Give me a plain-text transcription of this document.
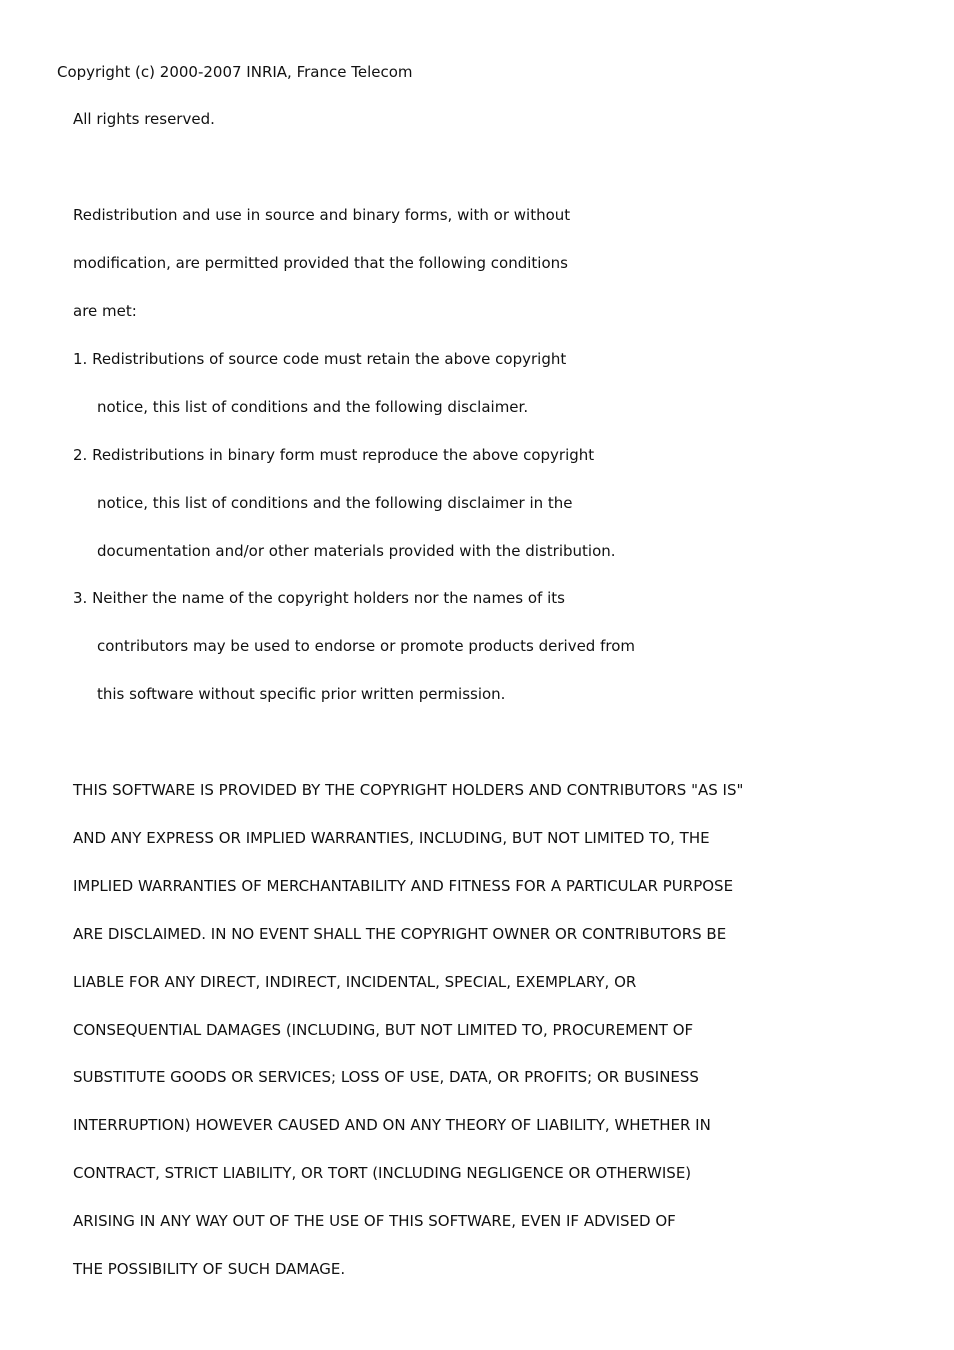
Copyright (c) 2000-2007 INRIA, France Telecom

All rights reserved.

Redistribution and use in source and binary forms, with or without

modification, are permitted provided that the following conditions

are met:

1. Redistributions of source code must retain the above copyright

notice, this list of conditions and the following disclaimer.

2. Redistributions in binary form must reproduce the above copyright

notice, this list of conditions and the following disclaimer in the

documentation and/or other materials provided with the distribution.

3. Neither the name of the copyright holders nor the names of its

contributors may be used to endorse or promote products derived from

this software without specific prior written permission.

THIS SOFTWARE IS PROVIDED BY THE COPYRIGHT HOLDERS AND CONTRIBUTORS "AS IS"

AND ANY EXPRESS OR IMPLIED WARRANTIES, INCLUDING, BUT NOT LIMITED TO, THE

IMPLIED WARRANTIES OF MERCHANTABILITY AND FITNESS FOR A PARTICULAR PURPOSE

ARE DISCLAIMED. IN NO EVENT SHALL THE COPYRIGHT OWNER OR CONTRIBUTORS BE

LIABLE FOR ANY DIRECT, INDIRECT, INCIDENTAL, SPECIAL, EXEMPLARY, OR

CONSEQUENTIAL DAMAGES (INCLUDING, BUT NOT LIMITED TO, PROCUREMENT OF

SUBSTITUTE GOODS OR SERVICES; LOSS OF USE, DATA, OR PROFITS; OR BUSINESS

INTERRUPTION) HOWEVER CAUSED AND ON ANY THEORY OF LIABILITY, WHETHER IN

CONTRACT, STRICT LIABILITY, OR TORT (INCLUDING NEGLIGENCE OR OTHERWISE)

ARISING IN ANY WAY OUT OF THE USE OF THIS SOFTWARE, EVEN IF ADVISED OF

THE POSSIBILITY OF SUCH DAMAGE.
